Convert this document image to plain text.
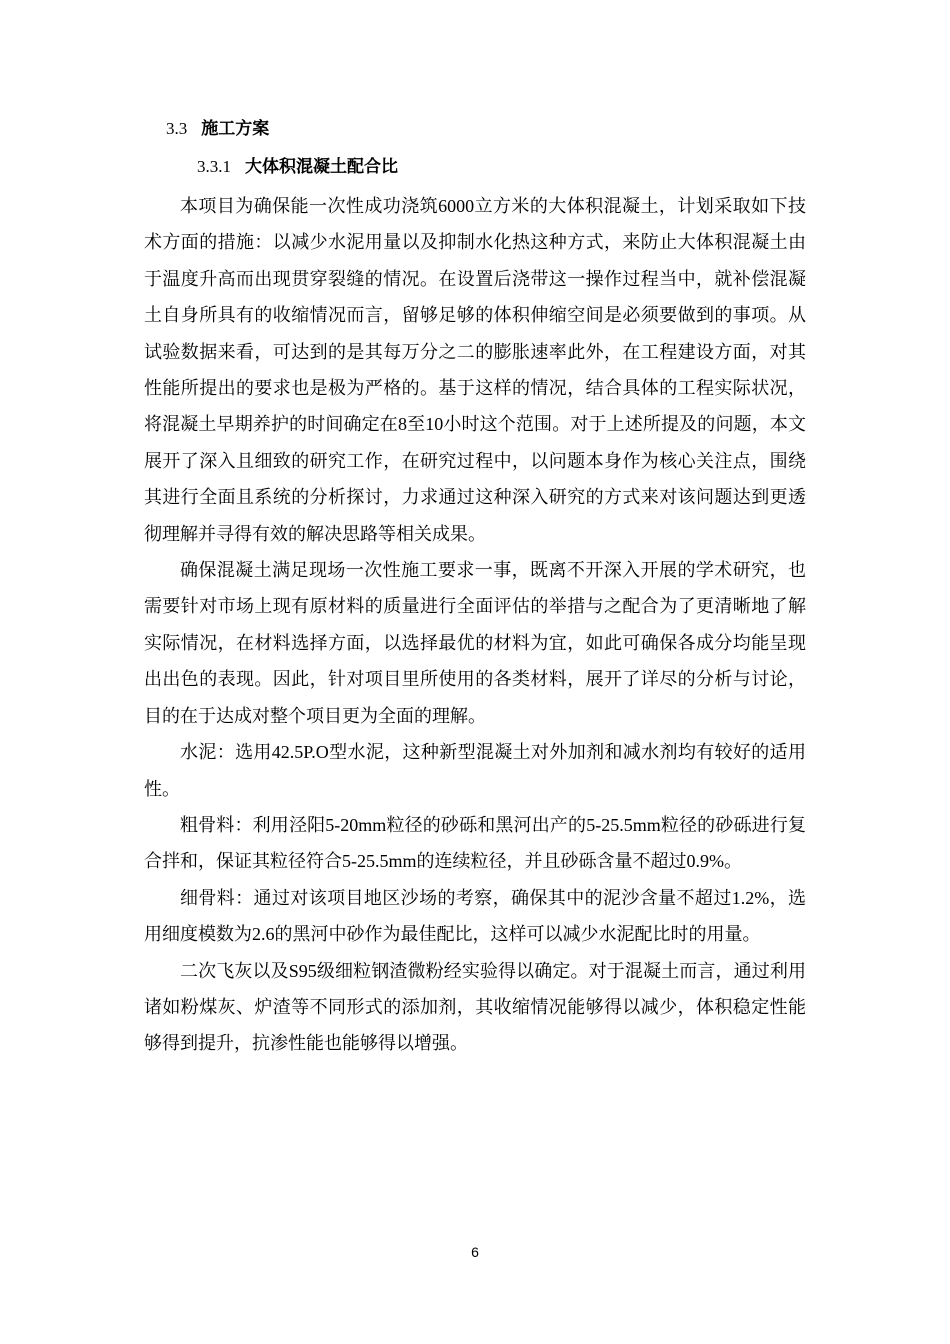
3.3 施工方案
3.3.1 大体积混凝土配合比

本项目为确保能一次性成功浇筑6000立方米的大体积混凝土，计划采取如下技术方面的措施：以减少水泥用量以及抑制水化热这种方式，来防止大体积混凝土由于温度升高而出现贯穿裂缝的情况。在设置后浇带这一操作过程当中，就补偿混凝土自身所具有的收缩情况而言，留够足够的体积伸缩空间是必须要做到的事项。从试验数据来看，可达到的是其每万分之二的膨胀速率此外，在工程建设方面，对其性能所提出的要求也是极为严格的。基于这样的情况，结合具体的工程实际状况，将混凝土早期养护的时间确定在8至10小时这个范围。对于上述所提及的问题，本文展开了深入且细致的研究工作，在研究过程中，以问题本身作为核心关注点，围绕其进行全面且系统的分析探讨，力求通过这种深入研究的方式来对该问题达到更透彻理解并寻得有效的解决思路等相关成果。

确保混凝土满足现场一次性施工要求一事，既离不开深入开展的学术研究，也需要针对市场上现有原材料的质量进行全面评估的举措与之配合为了更清晰地了解实际情况，在材料选择方面，以选择最优的材料为宜，如此可确保各成分均能呈现出出色的表现。因此，针对项目里所使用的各类材料，展开了详尽的分析与讨论，目的在于达成对整个项目更为全面的理解。

水泥：选用42.5P.O型水泥，这种新型混凝土对外加剂和减水剂均有较好的适用性。

粗骨料：利用泾阳5-20mm粒径的砂砾和黑河出产的5-25.5mm粒径的砂砾进行复合拌和，保证其粒径符合5-25.5mm的连续粒径，并且砂砾含量不超过0.9%。

细骨料：通过对该项目地区沙场的考察，确保其中的泥沙含量不超过1.2%，选用细度模数为2.6的黑河中砂作为最佳配比，这样可以减少水泥配比时的用量。

二次飞灰以及S95级细粒钢渣微粉经实验得以确定。对于混凝土而言，通过利用诸如粉煤灰、炉渣等不同形式的添加剂，其收缩情况能够得以减少，体积稳定性能够得到提升，抗渗性能也能够得以增强。

6
